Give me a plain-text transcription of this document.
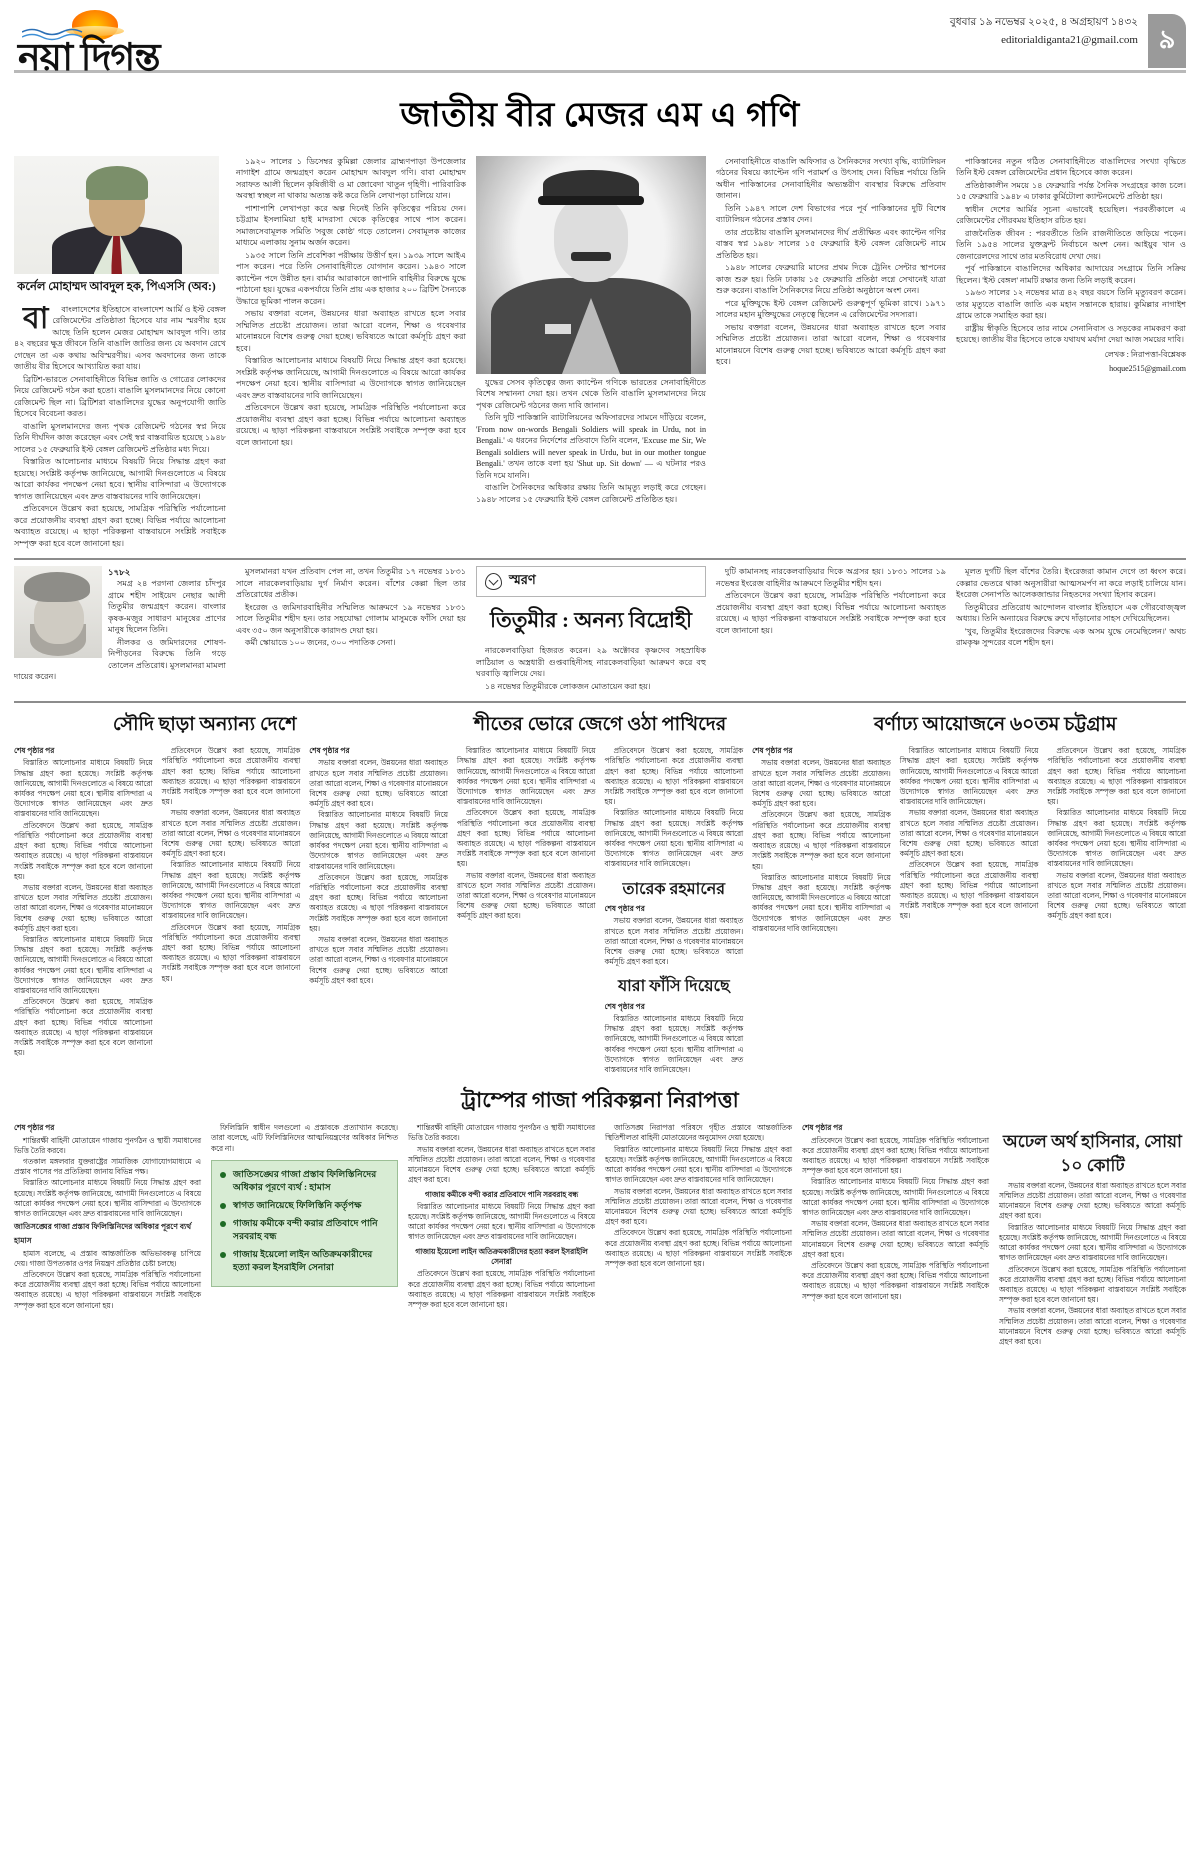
নয়া দিগন্ত
বুধবার ১৯ নভেম্বর ২০২৫, ৪ অগ্রহায়ণ ১৪৩২
editorialdiganta21@gmail.com ৯
জাতীয় বীর মেজর এম এ গণি
কর্নেল মোহাম্মদ আবদুল হক, পিএসসি (অব:)

বা	বাংলাদেশের ইতিহাসে বাংলাদেশ আর্মি ও ইস্ট বেঙ্গল রেজিমেন্টের প্রতিষ্ঠাতা হিসেবে যার নাম স্মরণীয় হয়ে আছে তিনি হলেন মেজর মোহাম্মদ আবদুল গণি। তার ৪২ বছরের ক্ষুদ্র জীবনে তিনি বাঙালি জাতির জন্য যে অবদান রেখে গেছেন তা এক কথায় অবিস্মরণীয়। এসব অবদানের জন্য তাকে জাতীয় বীর হিসেবে আখ্যায়িত করা যায়।

ব্রিটিশ-ভারতে সেনাবাহিনীতে বিভিন্ন জাতি ও গোত্রের লোকদের নিয়ে রেজিমেন্ট গঠন করা হতো। বাঙালি মুসলমানদের নিয়ে কোনো রেজিমেন্ট ছিল না। ব্রিটিশরা বাঙালিদের যুদ্ধের অনুপযোগী জাতি হিসেবে বিবেচনা করত।

বাঙালি মুসলমানদের জন্য পৃথক রেজিমেন্ট গঠনের স্বপ্ন নিয়ে তিনি দীর্ঘদিন কাজ করেছেন এবং সেই স্বপ্ন বাস্তবায়িত হয়েছে ১৯৪৮ সালের ১৫ ফেব্রুয়ারি ইস্ট বেঙ্গল রেজিমেন্ট প্রতিষ্ঠার মধ্য দিয়ে।

বিস্তারিত আলোচনার মাধ্যমে বিষয়টি নিয়ে সিদ্ধান্ত গ্রহণ করা হয়েছে। সংশ্লিষ্ট কর্তৃপক্ষ জানিয়েছে, আগামী দিনগুলোতে এ বিষয়ে আরো কার্যকর পদক্ষেপ নেয়া হবে। স্থানীয় বাসিন্দারা এ উদ্যোগকে স্বাগত জানিয়েছেন এবং দ্রুত বাস্তবায়নের দাবি জানিয়েছেন।

প্রতিবেদনে উল্লেখ করা হয়েছে, সামগ্রিক পরিস্থিতি পর্যালোচনা করে প্রয়োজনীয় ব্যবস্থা গ্রহণ করা হচ্ছে। বিভিন্ন পর্যায়ে আলোচনা অব্যাহত রয়েছে। এ ছাড়া পরিকল্পনা বাস্তবায়নে সংশ্লিষ্ট সবাইকে সম্পৃক্ত করা হবে বলে জানানো হয়।

১৯২০ সালের ১ ডিসেম্বর কুমিল্লা জেলার ব্রাহ্মণপাড়া উপজেলার নাগাইশ গ্রামে জন্মগ্রহণ করেন মোহাম্মদ আবদুল গণি। বাবা মোহাম্মদ সরাফত আলী ছিলেন কৃষিজীবী ও মা জোবেদা খাতুন গৃহিণী। পারিবারিক অবস্থা স্বচ্ছল না থাকায় অত্যন্ত কষ্ট করে তিনি লেখাপড়া চালিয়ে যান।

পাশাপাশি লেখাপড়া করে অল্প দিনেই তিনি কৃতিত্বের পরিচয় দেন। চট্টগ্রাম ইসলামিয়া হাই মাদরাসা থেকে কৃতিত্বের সাথে পাস করেন। সমাজসেবামূলক সমিতি 'সবুজ কোষ্ঠ' গড়ে তোলেন। সেবামূলক কাজের মাধ্যমে এলাকায় সুনাম অর্জন করেন।

১৯৩৫ সালে তিনি প্রবেশিকা পরীক্ষায় উত্তীর্ণ হন। ১৯৩৯ সালে আইএ পাস করেন। পরে তিনি সেনাবাহিনীতে যোগদান করেন। ১৯৪৩ সালে ক্যাপ্টেন পদে উন্নীত হন। বার্মার আরাকানে জাপানি বাহিনীর বিরুদ্ধে যুদ্ধে পাঠানো হয়। যুদ্ধের একপর্যায়ে তিনি প্রায় এক হাজার ২০০ ব্রিটিশ সৈন্যকে উদ্ধারে ভূমিকা পালন করেন।

সভায় বক্তারা বলেন, উন্নয়নের ধারা অব্যাহত রাখতে হলে সবার সম্মিলিত প্রচেষ্টা প্রয়োজন। তারা আরো বলেন, শিক্ষা ও গবেষণার মানোন্নয়নে বিশেষ গুরুত্ব দেয়া হচ্ছে। ভবিষ্যতে আরো কর্মসূচি গ্রহণ করা হবে।

বিস্তারিত আলোচনার মাধ্যমে বিষয়টি নিয়ে সিদ্ধান্ত গ্রহণ করা হয়েছে। সংশ্লিষ্ট কর্তৃপক্ষ জানিয়েছে, আগামী দিনগুলোতে এ বিষয়ে আরো কার্যকর পদক্ষেপ নেয়া হবে। স্থানীয় বাসিন্দারা এ উদ্যোগকে স্বাগত জানিয়েছেন এবং দ্রুত বাস্তবায়নের দাবি জানিয়েছেন।

প্রতিবেদনে উল্লেখ করা হয়েছে, সামগ্রিক পরিস্থিতি পর্যালোচনা করে প্রয়োজনীয় ব্যবস্থা গ্রহণ করা হচ্ছে। বিভিন্ন পর্যায়ে আলোচনা অব্যাহত রয়েছে। এ ছাড়া পরিকল্পনা বাস্তবায়নে সংশ্লিষ্ট সবাইকে সম্পৃক্ত করা হবে বলে জানানো হয়।

যুদ্ধের সেসব কৃতিত্বের জন্য ক্যাপ্টেন গণিকে ভারতের সেনাবাহিনীতে বিশেষ সম্মাননা দেয়া হয়। তখন থেকে তিনি বাঙালি মুসলমানদের নিয়ে পৃথক রেজিমেন্ট গঠনের জন্য দাবি জানান।

তিনি দুটি পাকিস্তানি ব্যাটালিয়নের অফিসারদের সামনে দাঁড়িয়ে বলেন, 'From now on-words Bengali Soldiers will speak in Urdu, not in Bengali.' এ ধরনের নির্দেশের প্রতিবাদে তিনি বলেন, 'Excuse me Sir, We Bengali soldiers will never speak in Urdu, but in our mother tongue Bengali.' তখন তাকে বলা হয় 'Shut up. Sit down' — এ ঘটনার পরও তিনি দমে যাননি।

বাঙালি সৈনিকদের অধিকার রক্ষায় তিনি আমৃত্যু লড়াই করে গেছেন। ১৯৪৮ সালের ১৫ ফেব্রুয়ারি ইস্ট বেঙ্গল রেজিমেন্ট প্রতিষ্ঠিত হয়।

সেনাবাহিনীতে বাঙালি অফিসার ও সৈনিকদের সংখ্যা বৃদ্ধি, ব্যাটালিয়ন গঠনের বিষয়ে ক্যাপ্টেন গণি পরামর্শ ও উৎসাহ দেন। বিভিন্ন পর্যায়ে তিনি অধীন পাকিস্তানের সেনাবাহিনীর অভ্যন্তরীণ ব্যবস্থার বিরুদ্ধে প্রতিবাদ জানান।

তিনি ১৯৪৭ সালে দেশ বিভাগের পরে পূর্ব পাকিস্তানের দুটি বিশেষ ব্যাটালিয়ন গঠনের প্রস্তাব দেন।

তার প্রচেষ্টায় বাঙালি মুসলমানদের দীর্ঘ প্রতীক্ষিত এবং ক্যাপ্টেন গণির বাস্তব স্বপ্ন ১৯৪৮ সালের ১৫ ফেব্রুয়ারি ইস্ট বেঙ্গল রেজিমেন্ট নামে প্রতিষ্ঠিত হয়।

১৯৪৮ সালের ফেব্রুয়ারি মাসের প্রথম দিকে ট্রেনিং সেন্টার স্থাপনের কাজ শুরু হয়। তিনি ঢাকায় ১৫ ফেব্রুয়ারি প্রতিষ্ঠা লগ্নে সেখানেই যাত্রা শুরু করেন। বাঙালি সৈনিকদের নিয়ে প্রতিষ্ঠা অনুষ্ঠানে অংশ নেন।

পরে মুক্তিযুদ্ধে ইস্ট বেঙ্গল রেজিমেন্ট গুরুত্বপূর্ণ ভূমিকা রাখে। ১৯৭১ সালের মহান মুক্তিযুদ্ধের নেতৃত্বে ছিলেন এ রেজিমেন্টের সদস্যরা।

সভায় বক্তারা বলেন, উন্নয়নের ধারা অব্যাহত রাখতে হলে সবার সম্মিলিত প্রচেষ্টা প্রয়োজন। তারা আরো বলেন, শিক্ষা ও গবেষণার মানোন্নয়নে বিশেষ গুরুত্ব দেয়া হচ্ছে। ভবিষ্যতে আরো কর্মসূচি গ্রহণ করা হবে।

পাকিস্তানের নতুন গঠিত সেনাবাহিনীতে বাঙালিদের সংখ্যা বৃদ্ধিতে তিনি ইস্ট বেঙ্গল রেজিমেন্টের প্রধান হিসেবে কাজ করেন।

প্রতিষ্ঠাকালীন সময়ে ১৪ ফেব্রুয়ারি পর্যন্ত সৈনিক সংগ্রহের কাজ চলে। ১৫ ফেব্রুয়ারি ১৯৪৮ এ ঢাকার কুর্মিটোলা ক্যান্টনমেন্টে প্রতিষ্ঠা হয়।

স্বাধীন দেশের আর্মির সূচনা এভাবেই হয়েছিল। পরবর্তীকালে এ রেজিমেন্টের গৌরবময় ইতিহাস রচিত হয়।

রাজনৈতিক জীবন : পরবর্তীতে তিনি রাজনীতিতে জড়িয়ে পড়েন। তিনি ১৯৫৪ সালের যুক্তফ্রন্ট নির্বাচনে অংশ নেন। আইয়ুব খান ও জেনারেলদের সাথে তার মতবিরোধ দেখা দেয়।

পূর্ব পাকিস্তানে বাঙালিদের অধিকার আদায়ের সংগ্রামে তিনি সক্রিয় ছিলেন। 'ইস্ট বেঙ্গল' নামটি রক্ষার জন্য তিনি লড়াই করেন।

১৯৬৩ সালের ১২ নভেম্বর মাত্র ৪২ বছর বয়সে তিনি মৃত্যুবরণ করেন। তার মৃত্যুতে বাঙালি জাতি এক মহান সন্তানকে হারায়। কুমিল্লার নাগাইশ গ্রামে তাকে সমাহিত করা হয়।

রাষ্ট্রীয় স্বীকৃতি হিসেবে তার নামে সেনানিবাস ও সড়কের নামকরণ করা হয়েছে। জাতীয় বীর হিসেবে তাকে যথাযথ মর্যাদা দেয়া আজ সময়ের দাবি।

লেখক : নিরাপত্তা-বিশ্লেষক
hoque2515@gmail.com
১৭৮২

সমগ্র ২৪ পরগনা জেলার চাঁদপুর গ্রামে শহীদ সাইয়েদ নেছার আলী তিতুমীর জন্মগ্রহণ করেন। বাংলার কৃষক-মজুর সাধারণ মানুষের প্রাণের মানুষ ছিলেন তিনি।

নীলকর ও জমিদারদের শোষণ-নিপীড়নের বিরুদ্ধে তিনি গড়ে তোলেন প্রতিরোধ। মুসলমানরা মামলা দায়ের করেন।

মুসলমানরা যখন প্রতিবাদ পেল না, তখন তিতুমীর ১৭ নভেম্বর ১৮৩১ সালে নারকেলবাড়িয়ায় দুর্গ নির্মাণ করেন। বাঁশের কেল্লা ছিল তার প্রতিরোধের প্রতীক।

ইংরেজ ও জমিদারবাহিনীর সম্মিলিত আক্রমণে ১৯ নভেম্বর ১৮৩১ সালে তিতুমীর শহীদ হন। তার সহযোদ্ধা গোলাম মাসুমকে ফাঁসি দেয়া হয় এবং ৩৫০ জন অনুসারীকে কারাদণ্ড দেয়া হয়।

কর্মী স্কোয়াডে ১০০ জনের, ৩০০ পদাতিক সেনা।

স্মরণ
তিতুমীর : অনন্য বিদ্রোহী

নারকেলবাড়িয়া হিজরত করেন। ২৯ অক্টোবর কৃষ্ণদেব সহস্রাধিক লাঠিয়াল ও অস্ত্রধারী গুপ্তবাহিনীসহ নারকেলবাড়িয়া আক্রমণ করে বহু ঘরবাড়ি জ্বালিয়ে দেয়।

১৪ নভেম্বর তিতুমীরকে লোকজন মোতায়েন করা হয়।

দুটি কামানসহ নারকেলবাড়িয়ার দিকে অগ্রসর হয়। ১৮৩১ সালের ১৯ নভেম্বর ইংরেজ বাহিনীর আক্রমণে তিতুমীর শহীদ হন।

প্রতিবেদনে উল্লেখ করা হয়েছে, সামগ্রিক পরিস্থিতি পর্যালোচনা করে প্রয়োজনীয় ব্যবস্থা গ্রহণ করা হচ্ছে। বিভিন্ন পর্যায়ে আলোচনা অব্যাহত রয়েছে। এ ছাড়া পরিকল্পনা বাস্তবায়নে সংশ্লিষ্ট সবাইকে সম্পৃক্ত করা হবে বলে জানানো হয়।

মূলত দুর্গটি ছিল বাঁশের তৈরি। ইংরেজরা কামান দেগে তা ধ্বংস করে। কেল্লার ভেতরে থাকা অনুসারীরা আত্মসমর্পণ না করে লড়াই চালিয়ে যান। ইংরেজ সেনাপতি আলেকজান্ডার নিহতদের সংখ্যা হিসাব করেন।

তিতুমীরের প্রতিরোধ আন্দোলন বাংলার ইতিহাসে এক গৌরবোজ্জ্বল অধ্যায়। তিনি অন্যায়ের বিরুদ্ধে রুখে দাঁড়ানোর সাহস দেখিয়েছিলেন।

'খুব, তিতুমীর ইংরেজদের বিরুদ্ধে এক অসম যুদ্ধে নেমেছিলেন।' অথচ রামকৃষ্ণ সুন্দরের বলে শহীদ হন।

সৌদি ছাড়া অন্যান্য দেশে	শীতের ভোরে জেগে ওঠা পাখিদের	বর্ণাঢ্য আয়োজনে ৬০তম চট্টগ্রাম
শেষ পৃষ্ঠার পর

বিস্তারিত আলোচনার মাধ্যমে বিষয়টি নিয়ে সিদ্ধান্ত গ্রহণ করা হয়েছে। সংশ্লিষ্ট কর্তৃপক্ষ জানিয়েছে, আগামী দিনগুলোতে এ বিষয়ে আরো কার্যকর পদক্ষেপ নেয়া হবে। স্থানীয় বাসিন্দারা এ উদ্যোগকে স্বাগত জানিয়েছেন এবং দ্রুত বাস্তবায়নের দাবি জানিয়েছেন।

প্রতিবেদনে উল্লেখ করা হয়েছে, সামগ্রিক পরিস্থিতি পর্যালোচনা করে প্রয়োজনীয় ব্যবস্থা গ্রহণ করা হচ্ছে। বিভিন্ন পর্যায়ে আলোচনা অব্যাহত রয়েছে। এ ছাড়া পরিকল্পনা বাস্তবায়নে সংশ্লিষ্ট সবাইকে সম্পৃক্ত করা হবে বলে জানানো হয়।

সভায় বক্তারা বলেন, উন্নয়নের ধারা অব্যাহত রাখতে হলে সবার সম্মিলিত প্রচেষ্টা প্রয়োজন। তারা আরো বলেন, শিক্ষা ও গবেষণার মানোন্নয়নে বিশেষ গুরুত্ব দেয়া হচ্ছে। ভবিষ্যতে আরো কর্মসূচি গ্রহণ করা হবে।

বিস্তারিত আলোচনার মাধ্যমে বিষয়টি নিয়ে সিদ্ধান্ত গ্রহণ করা হয়েছে। সংশ্লিষ্ট কর্তৃপক্ষ জানিয়েছে, আগামী দিনগুলোতে এ বিষয়ে আরো কার্যকর পদক্ষেপ নেয়া হবে। স্থানীয় বাসিন্দারা এ উদ্যোগকে স্বাগত জানিয়েছেন এবং দ্রুত বাস্তবায়নের দাবি জানিয়েছেন।

প্রতিবেদনে উল্লেখ করা হয়েছে, সামগ্রিক পরিস্থিতি পর্যালোচনা করে প্রয়োজনীয় ব্যবস্থা গ্রহণ করা হচ্ছে। বিভিন্ন পর্যায়ে আলোচনা অব্যাহত রয়েছে। এ ছাড়া পরিকল্পনা বাস্তবায়নে সংশ্লিষ্ট সবাইকে সম্পৃক্ত করা হবে বলে জানানো হয়।

প্রতিবেদনে উল্লেখ করা হয়েছে, সামগ্রিক পরিস্থিতি পর্যালোচনা করে প্রয়োজনীয় ব্যবস্থা গ্রহণ করা হচ্ছে। বিভিন্ন পর্যায়ে আলোচনা অব্যাহত রয়েছে। এ ছাড়া পরিকল্পনা বাস্তবায়নে সংশ্লিষ্ট সবাইকে সম্পৃক্ত করা হবে বলে জানানো হয়।

সভায় বক্তারা বলেন, উন্নয়নের ধারা অব্যাহত রাখতে হলে সবার সম্মিলিত প্রচেষ্টা প্রয়োজন। তারা আরো বলেন, শিক্ষা ও গবেষণার মানোন্নয়নে বিশেষ গুরুত্ব দেয়া হচ্ছে। ভবিষ্যতে আরো কর্মসূচি গ্রহণ করা হবে।

বিস্তারিত আলোচনার মাধ্যমে বিষয়টি নিয়ে সিদ্ধান্ত গ্রহণ করা হয়েছে। সংশ্লিষ্ট কর্তৃপক্ষ জানিয়েছে, আগামী দিনগুলোতে এ বিষয়ে আরো কার্যকর পদক্ষেপ নেয়া হবে। স্থানীয় বাসিন্দারা এ উদ্যোগকে স্বাগত জানিয়েছেন এবং দ্রুত বাস্তবায়নের দাবি জানিয়েছেন।

প্রতিবেদনে উল্লেখ করা হয়েছে, সামগ্রিক পরিস্থিতি পর্যালোচনা করে প্রয়োজনীয় ব্যবস্থা গ্রহণ করা হচ্ছে। বিভিন্ন পর্যায়ে আলোচনা অব্যাহত রয়েছে। এ ছাড়া পরিকল্পনা বাস্তবায়নে সংশ্লিষ্ট সবাইকে সম্পৃক্ত করা হবে বলে জানানো হয়।

শেষ পৃষ্ঠার পর

সভায় বক্তারা বলেন, উন্নয়নের ধারা অব্যাহত রাখতে হলে সবার সম্মিলিত প্রচেষ্টা প্রয়োজন। তারা আরো বলেন, শিক্ষা ও গবেষণার মানোন্নয়নে বিশেষ গুরুত্ব দেয়া হচ্ছে। ভবিষ্যতে আরো কর্মসূচি গ্রহণ করা হবে।

বিস্তারিত আলোচনার মাধ্যমে বিষয়টি নিয়ে সিদ্ধান্ত গ্রহণ করা হয়েছে। সংশ্লিষ্ট কর্তৃপক্ষ জানিয়েছে, আগামী দিনগুলোতে এ বিষয়ে আরো কার্যকর পদক্ষেপ নেয়া হবে। স্থানীয় বাসিন্দারা এ উদ্যোগকে স্বাগত জানিয়েছেন এবং দ্রুত বাস্তবায়নের দাবি জানিয়েছেন।

প্রতিবেদনে উল্লেখ করা হয়েছে, সামগ্রিক পরিস্থিতি পর্যালোচনা করে প্রয়োজনীয় ব্যবস্থা গ্রহণ করা হচ্ছে। বিভিন্ন পর্যায়ে আলোচনা অব্যাহত রয়েছে। এ ছাড়া পরিকল্পনা বাস্তবায়নে সংশ্লিষ্ট সবাইকে সম্পৃক্ত করা হবে বলে জানানো হয়।

সভায় বক্তারা বলেন, উন্নয়নের ধারা অব্যাহত রাখতে হলে সবার সম্মিলিত প্রচেষ্টা প্রয়োজন। তারা আরো বলেন, শিক্ষা ও গবেষণার মানোন্নয়নে বিশেষ গুরুত্ব দেয়া হচ্ছে। ভবিষ্যতে আরো কর্মসূচি গ্রহণ করা হবে।

বিস্তারিত আলোচনার মাধ্যমে বিষয়টি নিয়ে সিদ্ধান্ত গ্রহণ করা হয়েছে। সংশ্লিষ্ট কর্তৃপক্ষ জানিয়েছে, আগামী দিনগুলোতে এ বিষয়ে আরো কার্যকর পদক্ষেপ নেয়া হবে। স্থানীয় বাসিন্দারা এ উদ্যোগকে স্বাগত জানিয়েছেন এবং দ্রুত বাস্তবায়নের দাবি জানিয়েছেন।

প্রতিবেদনে উল্লেখ করা হয়েছে, সামগ্রিক পরিস্থিতি পর্যালোচনা করে প্রয়োজনীয় ব্যবস্থা গ্রহণ করা হচ্ছে। বিভিন্ন পর্যায়ে আলোচনা অব্যাহত রয়েছে। এ ছাড়া পরিকল্পনা বাস্তবায়নে সংশ্লিষ্ট সবাইকে সম্পৃক্ত করা হবে বলে জানানো হয়।

সভায় বক্তারা বলেন, উন্নয়নের ধারা অব্যাহত রাখতে হলে সবার সম্মিলিত প্রচেষ্টা প্রয়োজন। তারা আরো বলেন, শিক্ষা ও গবেষণার মানোন্নয়নে বিশেষ গুরুত্ব দেয়া হচ্ছে। ভবিষ্যতে আরো কর্মসূচি গ্রহণ করা হবে।

প্রতিবেদনে উল্লেখ করা হয়েছে, সামগ্রিক পরিস্থিতি পর্যালোচনা করে প্রয়োজনীয় ব্যবস্থা গ্রহণ করা হচ্ছে। বিভিন্ন পর্যায়ে আলোচনা অব্যাহত রয়েছে। এ ছাড়া পরিকল্পনা বাস্তবায়নে সংশ্লিষ্ট সবাইকে সম্পৃক্ত করা হবে বলে জানানো হয়।

বিস্তারিত আলোচনার মাধ্যমে বিষয়টি নিয়ে সিদ্ধান্ত গ্রহণ করা হয়েছে। সংশ্লিষ্ট কর্তৃপক্ষ জানিয়েছে, আগামী দিনগুলোতে এ বিষয়ে আরো কার্যকর পদক্ষেপ নেয়া হবে। স্থানীয় বাসিন্দারা এ উদ্যোগকে স্বাগত জানিয়েছেন এবং দ্রুত বাস্তবায়নের দাবি জানিয়েছেন।

তারেক রহমানের
শেষ পৃষ্ঠার পর

সভায় বক্তারা বলেন, উন্নয়নের ধারা অব্যাহত রাখতে হলে সবার সম্মিলিত প্রচেষ্টা প্রয়োজন। তারা আরো বলেন, শিক্ষা ও গবেষণার মানোন্নয়নে বিশেষ গুরুত্ব দেয়া হচ্ছে। ভবিষ্যতে আরো কর্মসূচি গ্রহণ করা হবে।

যারা ফাঁসি দিয়েছে
শেষ পৃষ্ঠার পর

বিস্তারিত আলোচনার মাধ্যমে বিষয়টি নিয়ে সিদ্ধান্ত গ্রহণ করা হয়েছে। সংশ্লিষ্ট কর্তৃপক্ষ জানিয়েছে, আগামী দিনগুলোতে এ বিষয়ে আরো কার্যকর পদক্ষেপ নেয়া হবে। স্থানীয় বাসিন্দারা এ উদ্যোগকে স্বাগত জানিয়েছেন এবং দ্রুত বাস্তবায়নের দাবি জানিয়েছেন।

শেষ পৃষ্ঠার পর

সভায় বক্তারা বলেন, উন্নয়নের ধারা অব্যাহত রাখতে হলে সবার সম্মিলিত প্রচেষ্টা প্রয়োজন। তারা আরো বলেন, শিক্ষা ও গবেষণার মানোন্নয়নে বিশেষ গুরুত্ব দেয়া হচ্ছে। ভবিষ্যতে আরো কর্মসূচি গ্রহণ করা হবে।

প্রতিবেদনে উল্লেখ করা হয়েছে, সামগ্রিক পরিস্থিতি পর্যালোচনা করে প্রয়োজনীয় ব্যবস্থা গ্রহণ করা হচ্ছে। বিভিন্ন পর্যায়ে আলোচনা অব্যাহত রয়েছে। এ ছাড়া পরিকল্পনা বাস্তবায়নে সংশ্লিষ্ট সবাইকে সম্পৃক্ত করা হবে বলে জানানো হয়।

বিস্তারিত আলোচনার মাধ্যমে বিষয়টি নিয়ে সিদ্ধান্ত গ্রহণ করা হয়েছে। সংশ্লিষ্ট কর্তৃপক্ষ জানিয়েছে, আগামী দিনগুলোতে এ বিষয়ে আরো কার্যকর পদক্ষেপ নেয়া হবে। স্থানীয় বাসিন্দারা এ উদ্যোগকে স্বাগত জানিয়েছেন এবং দ্রুত বাস্তবায়নের দাবি জানিয়েছেন।

বিস্তারিত আলোচনার মাধ্যমে বিষয়টি নিয়ে সিদ্ধান্ত গ্রহণ করা হয়েছে। সংশ্লিষ্ট কর্তৃপক্ষ জানিয়েছে, আগামী দিনগুলোতে এ বিষয়ে আরো কার্যকর পদক্ষেপ নেয়া হবে। স্থানীয় বাসিন্দারা এ উদ্যোগকে স্বাগত জানিয়েছেন এবং দ্রুত বাস্তবায়নের দাবি জানিয়েছেন।

সভায় বক্তারা বলেন, উন্নয়নের ধারা অব্যাহত রাখতে হলে সবার সম্মিলিত প্রচেষ্টা প্রয়োজন। তারা আরো বলেন, শিক্ষা ও গবেষণার মানোন্নয়নে বিশেষ গুরুত্ব দেয়া হচ্ছে। ভবিষ্যতে আরো কর্মসূচি গ্রহণ করা হবে।

প্রতিবেদনে উল্লেখ করা হয়েছে, সামগ্রিক পরিস্থিতি পর্যালোচনা করে প্রয়োজনীয় ব্যবস্থা গ্রহণ করা হচ্ছে। বিভিন্ন পর্যায়ে আলোচনা অব্যাহত রয়েছে। এ ছাড়া পরিকল্পনা বাস্তবায়নে সংশ্লিষ্ট সবাইকে সম্পৃক্ত করা হবে বলে জানানো হয়।

প্রতিবেদনে উল্লেখ করা হয়েছে, সামগ্রিক পরিস্থিতি পর্যালোচনা করে প্রয়োজনীয় ব্যবস্থা গ্রহণ করা হচ্ছে। বিভিন্ন পর্যায়ে আলোচনা অব্যাহত রয়েছে। এ ছাড়া পরিকল্পনা বাস্তবায়নে সংশ্লিষ্ট সবাইকে সম্পৃক্ত করা হবে বলে জানানো হয়।

বিস্তারিত আলোচনার মাধ্যমে বিষয়টি নিয়ে সিদ্ধান্ত গ্রহণ করা হয়েছে। সংশ্লিষ্ট কর্তৃপক্ষ জানিয়েছে, আগামী দিনগুলোতে এ বিষয়ে আরো কার্যকর পদক্ষেপ নেয়া হবে। স্থানীয় বাসিন্দারা এ উদ্যোগকে স্বাগত জানিয়েছেন এবং দ্রুত বাস্তবায়নের দাবি জানিয়েছেন।

সভায় বক্তারা বলেন, উন্নয়নের ধারা অব্যাহত রাখতে হলে সবার সম্মিলিত প্রচেষ্টা প্রয়োজন। তারা আরো বলেন, শিক্ষা ও গবেষণার মানোন্নয়নে বিশেষ গুরুত্ব দেয়া হচ্ছে। ভবিষ্যতে আরো কর্মসূচি গ্রহণ করা হবে।

ট্রাম্পের গাজা পরিকল্পনা নিরাপত্তা
শেষ পৃষ্ঠার পর

শান্তিরক্ষী বাহিনী মোতায়েন গাজায় পুনর্গঠন ও স্থায়ী সমাধানের ভিত্তি তৈরি করবে।

গতকাল মঙ্গলবার যুক্তরাষ্ট্রের সামাজিক যোগাযোগমাধ্যমে এ প্রস্তাব পাসের পর প্রতিক্রিয়া জানায় বিভিন্ন পক্ষ।

বিস্তারিত আলোচনার মাধ্যমে বিষয়টি নিয়ে সিদ্ধান্ত গ্রহণ করা হয়েছে। সংশ্লিষ্ট কর্তৃপক্ষ জানিয়েছে, আগামী দিনগুলোতে এ বিষয়ে আরো কার্যকর পদক্ষেপ নেয়া হবে। স্থানীয় বাসিন্দারা এ উদ্যোগকে স্বাগত জানিয়েছেন এবং দ্রুত বাস্তবায়নের দাবি জানিয়েছেন।

জাতিসঙ্ঘের গাজা প্রস্তাব ফিলিস্তিনিদের অধিকার পূরণে ব্যর্থ
হামাস

হামাস বলেছে, এ প্রস্তাব আন্তর্জাতিক অভিভাবকত্ব চাপিয়ে দেয়। গাজা উপত্যকার ওপর নিয়ন্ত্রণ প্রতিষ্ঠার চেষ্টা চলছে।

প্রতিবেদনে উল্লেখ করা হয়েছে, সামগ্রিক পরিস্থিতি পর্যালোচনা করে প্রয়োজনীয় ব্যবস্থা গ্রহণ করা হচ্ছে। বিভিন্ন পর্যায়ে আলোচনা অব্যাহত রয়েছে। এ ছাড়া পরিকল্পনা বাস্তবায়নে সংশ্লিষ্ট সবাইকে সম্পৃক্ত করা হবে বলে জানানো হয়।

ফিলিস্তিনি স্বাধীন দলগুলো এ প্রস্তাবকে প্রত্যাখ্যান করেছে। তারা বলেছে, এটি ফিলিস্তিনিদের আত্মনিয়ন্ত্রণের অধিকার নিশ্চিত করে না।

জাতিসঙ্ঘের গাজা প্রস্তাব ফিলিস্তিনিদের অধিকার পূরণে ব্যর্থ : হামাস
স্বাগত জানিয়েছে ফিলিস্তিনি কর্তৃপক্ষ
গাজায় কমীকে বন্দী করার প্রতিবাদে পানি সরবরাহ বন্ধ
গাজায় ইয়েলো লাইন অতিক্রমকারীদের হত্যা করল ইসরাইলি সেনারা

শান্তিরক্ষী বাহিনী মোতায়েন গাজায় পুনর্গঠন ও স্থায়ী সমাধানের ভিত্তি তৈরি করবে।

সভায় বক্তারা বলেন, উন্নয়নের ধারা অব্যাহত রাখতে হলে সবার সম্মিলিত প্রচেষ্টা প্রয়োজন। তারা আরো বলেন, শিক্ষা ও গবেষণার মানোন্নয়নে বিশেষ গুরুত্ব দেয়া হচ্ছে। ভবিষ্যতে আরো কর্মসূচি গ্রহণ করা হবে।

গাজায় কমীকে বন্দী করার প্রতিবাদে পানি সরবরাহ বন্ধ

বিস্তারিত আলোচনার মাধ্যমে বিষয়টি নিয়ে সিদ্ধান্ত গ্রহণ করা হয়েছে। সংশ্লিষ্ট কর্তৃপক্ষ জানিয়েছে, আগামী দিনগুলোতে এ বিষয়ে আরো কার্যকর পদক্ষেপ নেয়া হবে। স্থানীয় বাসিন্দারা এ উদ্যোগকে স্বাগত জানিয়েছেন এবং দ্রুত বাস্তবায়নের দাবি জানিয়েছেন।

গাজায় ইয়েলো লাইন অতিক্রমকারীদের হত্যা করল ইসরাইলি সেনারা

প্রতিবেদনে উল্লেখ করা হয়েছে, সামগ্রিক পরিস্থিতি পর্যালোচনা করে প্রয়োজনীয় ব্যবস্থা গ্রহণ করা হচ্ছে। বিভিন্ন পর্যায়ে আলোচনা অব্যাহত রয়েছে। এ ছাড়া পরিকল্পনা বাস্তবায়নে সংশ্লিষ্ট সবাইকে সম্পৃক্ত করা হবে বলে জানানো হয়।

জাতিসঙ্ঘ নিরাপত্তা পরিষদে গৃহীত প্রস্তাবে আন্তর্জাতিক স্থিতিশীলতা বাহিনী মোতায়েনের অনুমোদন দেয়া হয়েছে।

বিস্তারিত আলোচনার মাধ্যমে বিষয়টি নিয়ে সিদ্ধান্ত গ্রহণ করা হয়েছে। সংশ্লিষ্ট কর্তৃপক্ষ জানিয়েছে, আগামী দিনগুলোতে এ বিষয়ে আরো কার্যকর পদক্ষেপ নেয়া হবে। স্থানীয় বাসিন্দারা এ উদ্যোগকে স্বাগত জানিয়েছেন এবং দ্রুত বাস্তবায়নের দাবি জানিয়েছেন।

সভায় বক্তারা বলেন, উন্নয়নের ধারা অব্যাহত রাখতে হলে সবার সম্মিলিত প্রচেষ্টা প্রয়োজন। তারা আরো বলেন, শিক্ষা ও গবেষণার মানোন্নয়নে বিশেষ গুরুত্ব দেয়া হচ্ছে। ভবিষ্যতে আরো কর্মসূচি গ্রহণ করা হবে।

প্রতিবেদনে উল্লেখ করা হয়েছে, সামগ্রিক পরিস্থিতি পর্যালোচনা করে প্রয়োজনীয় ব্যবস্থা গ্রহণ করা হচ্ছে। বিভিন্ন পর্যায়ে আলোচনা অব্যাহত রয়েছে। এ ছাড়া পরিকল্পনা বাস্তবায়নে সংশ্লিষ্ট সবাইকে সম্পৃক্ত করা হবে বলে জানানো হয়।

শেষ পৃষ্ঠার পর

প্রতিবেদনে উল্লেখ করা হয়েছে, সামগ্রিক পরিস্থিতি পর্যালোচনা করে প্রয়োজনীয় ব্যবস্থা গ্রহণ করা হচ্ছে। বিভিন্ন পর্যায়ে আলোচনা অব্যাহত রয়েছে। এ ছাড়া পরিকল্পনা বাস্তবায়নে সংশ্লিষ্ট সবাইকে সম্পৃক্ত করা হবে বলে জানানো হয়।

বিস্তারিত আলোচনার মাধ্যমে বিষয়টি নিয়ে সিদ্ধান্ত গ্রহণ করা হয়েছে। সংশ্লিষ্ট কর্তৃপক্ষ জানিয়েছে, আগামী দিনগুলোতে এ বিষয়ে আরো কার্যকর পদক্ষেপ নেয়া হবে। স্থানীয় বাসিন্দারা এ উদ্যোগকে স্বাগত জানিয়েছেন এবং দ্রুত বাস্তবায়নের দাবি জানিয়েছেন।

সভায় বক্তারা বলেন, উন্নয়নের ধারা অব্যাহত রাখতে হলে সবার সম্মিলিত প্রচেষ্টা প্রয়োজন। তারা আরো বলেন, শিক্ষা ও গবেষণার মানোন্নয়নে বিশেষ গুরুত্ব দেয়া হচ্ছে। ভবিষ্যতে আরো কর্মসূচি গ্রহণ করা হবে।

প্রতিবেদনে উল্লেখ করা হয়েছে, সামগ্রিক পরিস্থিতি পর্যালোচনা করে প্রয়োজনীয় ব্যবস্থা গ্রহণ করা হচ্ছে। বিভিন্ন পর্যায়ে আলোচনা অব্যাহত রয়েছে। এ ছাড়া পরিকল্পনা বাস্তবায়নে সংশ্লিষ্ট সবাইকে সম্পৃক্ত করা হবে বলে জানানো হয়।

অঢেল অর্থ হাসিনার, সোয়া ১০ কোটি

সভায় বক্তারা বলেন, উন্নয়নের ধারা অব্যাহত রাখতে হলে সবার সম্মিলিত প্রচেষ্টা প্রয়োজন। তারা আরো বলেন, শিক্ষা ও গবেষণার মানোন্নয়নে বিশেষ গুরুত্ব দেয়া হচ্ছে। ভবিষ্যতে আরো কর্মসূচি গ্রহণ করা হবে।

বিস্তারিত আলোচনার মাধ্যমে বিষয়টি নিয়ে সিদ্ধান্ত গ্রহণ করা হয়েছে। সংশ্লিষ্ট কর্তৃপক্ষ জানিয়েছে, আগামী দিনগুলোতে এ বিষয়ে আরো কার্যকর পদক্ষেপ নেয়া হবে। স্থানীয় বাসিন্দারা এ উদ্যোগকে স্বাগত জানিয়েছেন এবং দ্রুত বাস্তবায়নের দাবি জানিয়েছেন।

প্রতিবেদনে উল্লেখ করা হয়েছে, সামগ্রিক পরিস্থিতি পর্যালোচনা করে প্রয়োজনীয় ব্যবস্থা গ্রহণ করা হচ্ছে। বিভিন্ন পর্যায়ে আলোচনা অব্যাহত রয়েছে। এ ছাড়া পরিকল্পনা বাস্তবায়নে সংশ্লিষ্ট সবাইকে সম্পৃক্ত করা হবে বলে জানানো হয়।

সভায় বক্তারা বলেন, উন্নয়নের ধারা অব্যাহত রাখতে হলে সবার সম্মিলিত প্রচেষ্টা প্রয়োজন। তারা আরো বলেন, শিক্ষা ও গবেষণার মানোন্নয়নে বিশেষ গুরুত্ব দেয়া হচ্ছে। ভবিষ্যতে আরো কর্মসূচি গ্রহণ করা হবে।
